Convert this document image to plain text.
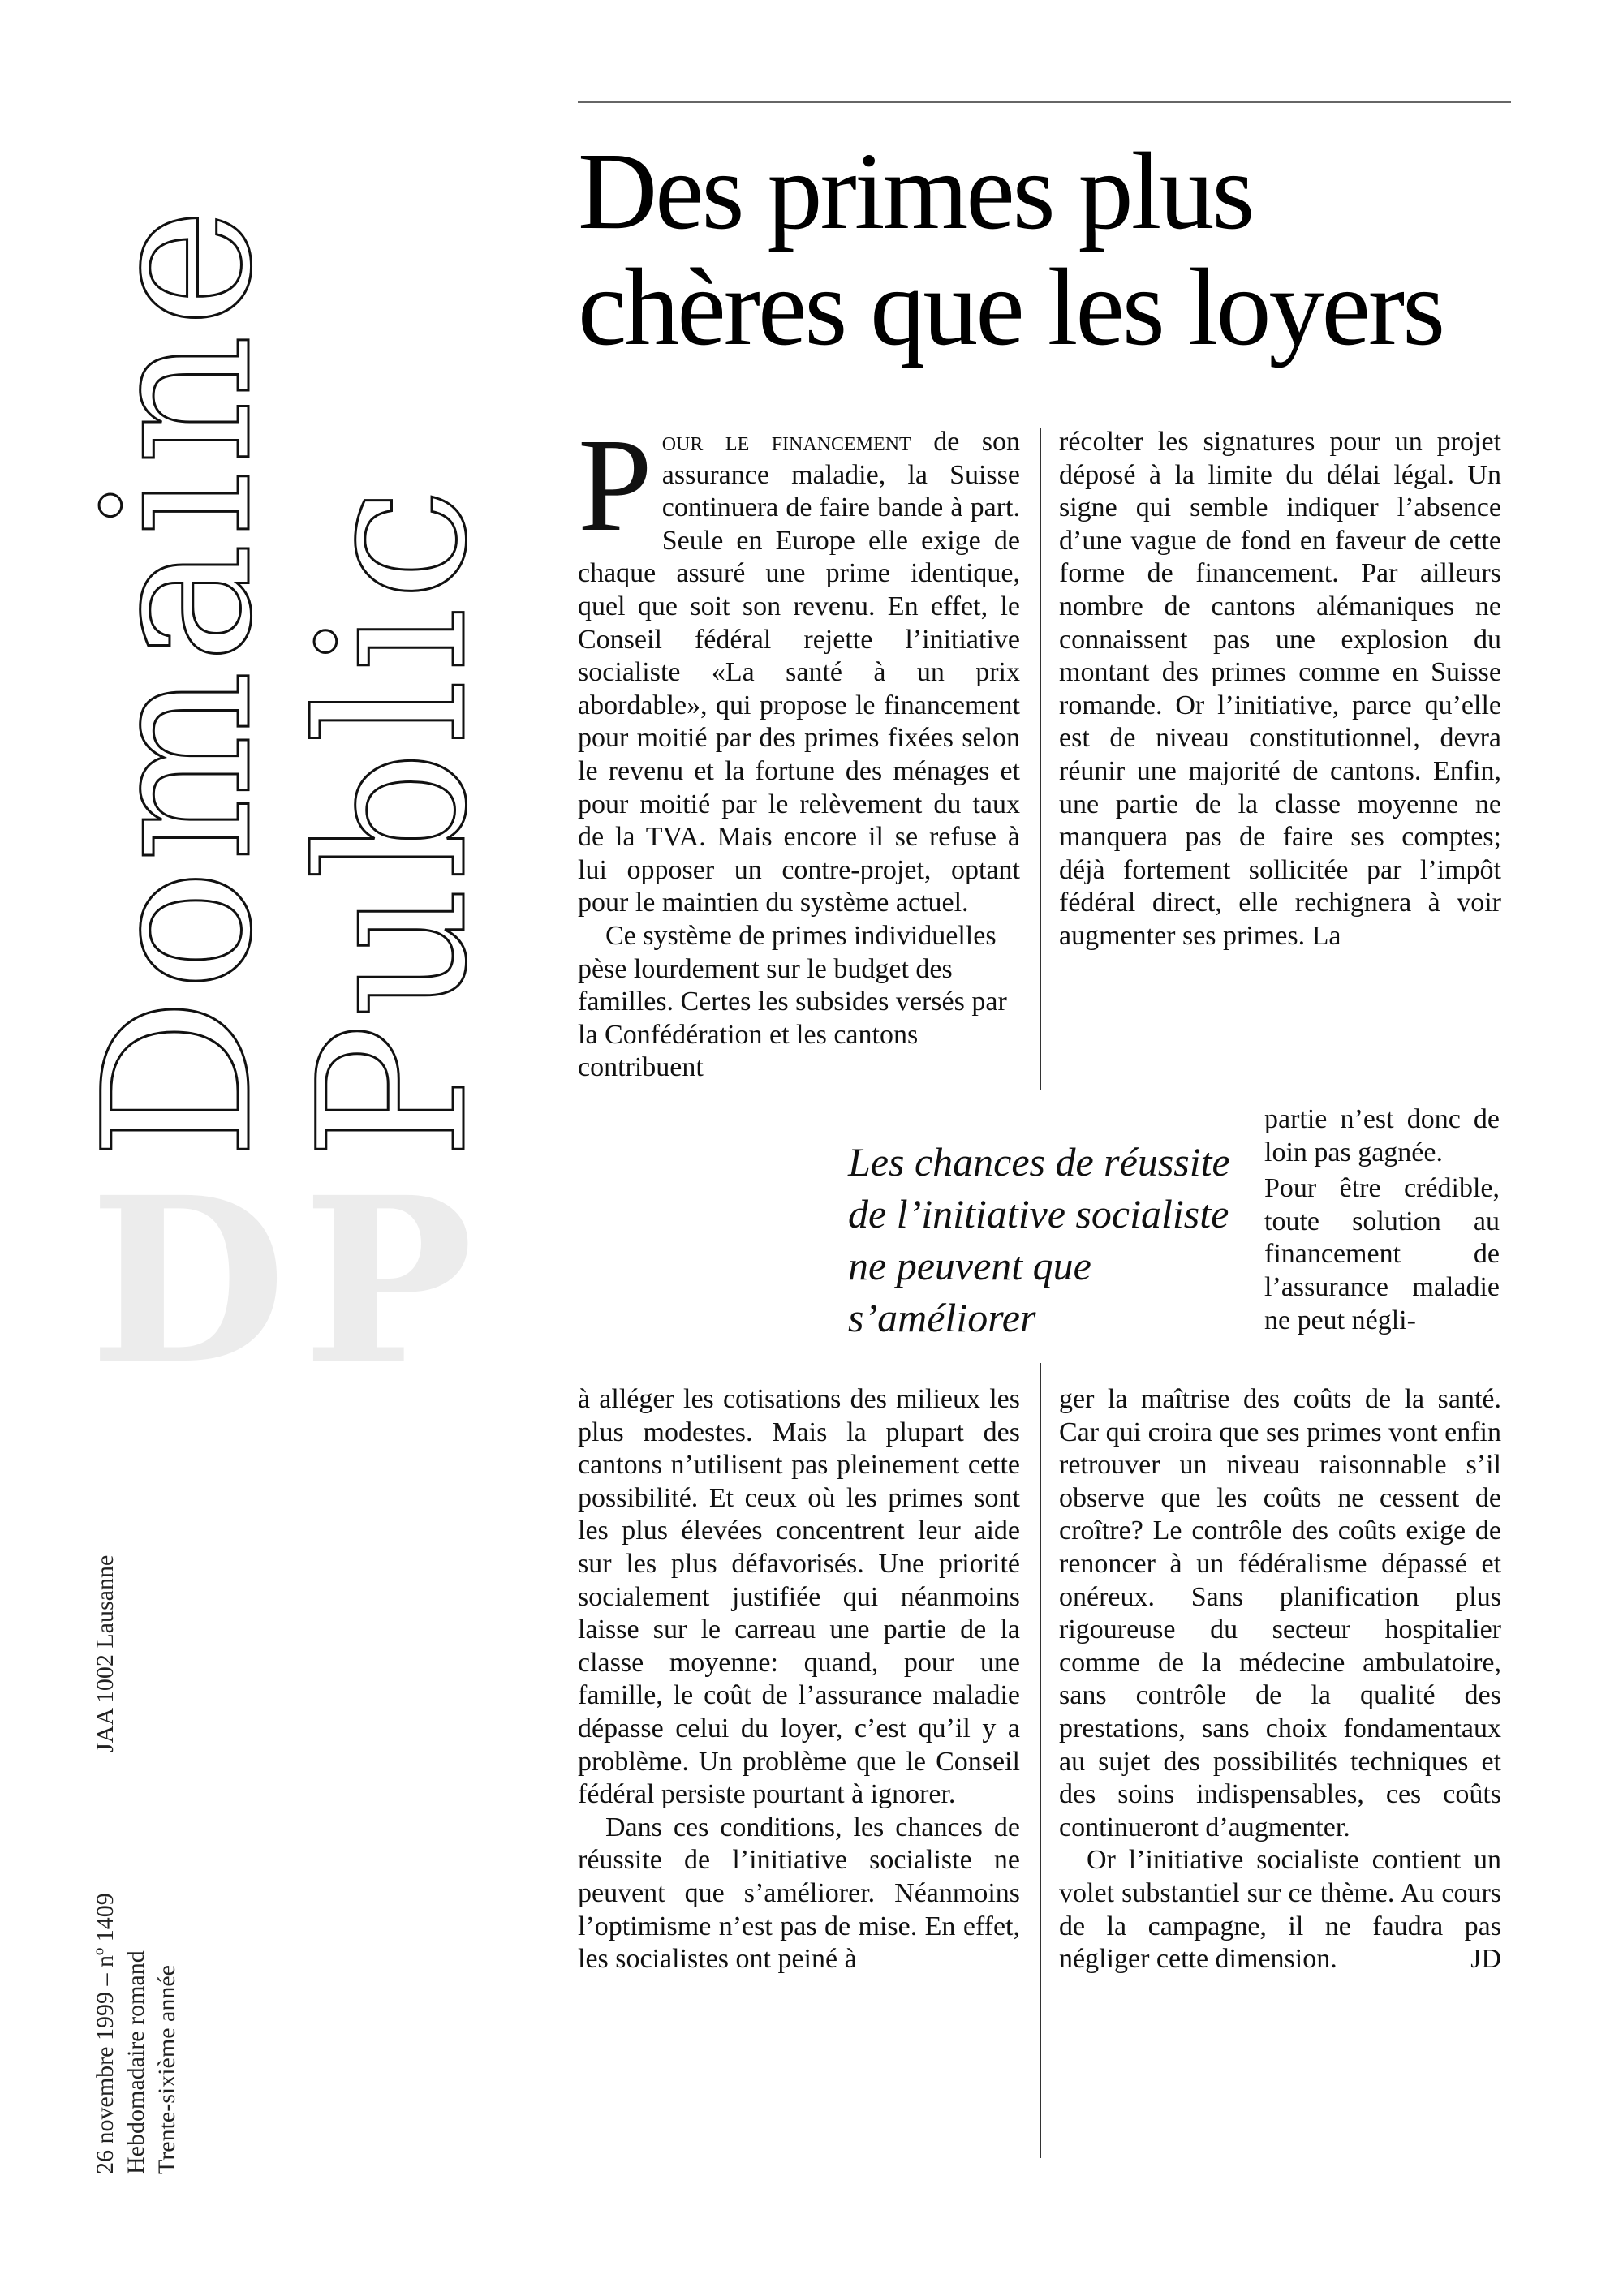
DP
Domaine
Public
JAA 1002 Lausanne
26 novembre 1999 – nº 1409 Hebdomadaire romand Trente-sixième année
Des primes plus chères que les loyers

Pour le financement de son assurance maladie, la Suisse continuera de faire bande à part. Seule en Europe elle exige de chaque assuré une prime identique, quel que soit son revenu. En effet, le Conseil fédéral rejette l’initiative socialiste «La santé à un prix abordable», qui propose le financement pour moitié par des primes fixées selon le revenu et la fortune des ménages et pour moitié par le relèvement du taux de la TVA. Mais encore il se refuse à lui opposer un contre-projet, optant pour le maintien du système actuel.

Ce système de primes individuelles pèse lourdement sur le budget des familles. Certes les subsides versés par la Confédération et les cantons contribuent

à alléger les cotisations des milieux les plus modestes. Mais la plupart des cantons n’utilisent pas pleinement cette possibilité. Et ceux où les primes sont les plus élevées concentrent leur aide sur les plus défavorisés. Une priorité socialement justifiée qui néanmoins laisse sur le carreau une partie de la classe moyenne: quand, pour une famille, le coût de l’assurance maladie dépasse celui du loyer, c’est qu’il y a problème. Un problème que le Conseil fédéral persiste pourtant à ignorer.

Dans ces conditions, les chances de réussite de l’initiative socialiste ne peuvent que s’améliorer. Néanmoins l’optimisme n’est pas de mise. En effet, les socialistes ont peiné à

récolter les signatures pour un projet déposé à la limite du délai légal. Un signe qui semble indiquer l’absence d’une vague de fond en faveur de cette forme de financement. Par ailleurs nombre de cantons alémaniques ne connaissent pas une explosion du montant des primes comme en Suisse romande. Or l’initiative, parce qu’elle est de niveau constitutionnel, devra réunir une majorité de cantons. Enfin, une partie de la classe moyenne ne manquera pas de faire ses comptes; déjà fortement sollicitée par l’impôt fédéral direct, elle rechignera à voir augmenter ses primes. La

partie n’est donc de loin pas gagnée.

Pour être crédible, toute solution au financement de l’assurance maladie ne peut négli-

ger la maîtrise des coûts de la santé. Car qui croira que ses primes vont enfin retrouver un niveau raisonnable s’il observe que les coûts ne cessent de croître? Le contrôle des coûts exige de renoncer à un fédéralisme dépassé et onéreux. Sans planification plus rigoureuse du secteur hospitalier comme de la médecine ambulatoire, sans contrôle de la qualité des prestations, sans choix fondamentaux au sujet des possibilités techniques et des soins indispensables, ces coûts continueront d’augmenter.

Or l’initiative socialiste contient un volet substantiel sur ce thème. Au cours de la campagne, il ne faudra pas négliger cette dimension.	JD

Les chances de réussite de l’initiative socialiste ne peuvent que s’améliorer
